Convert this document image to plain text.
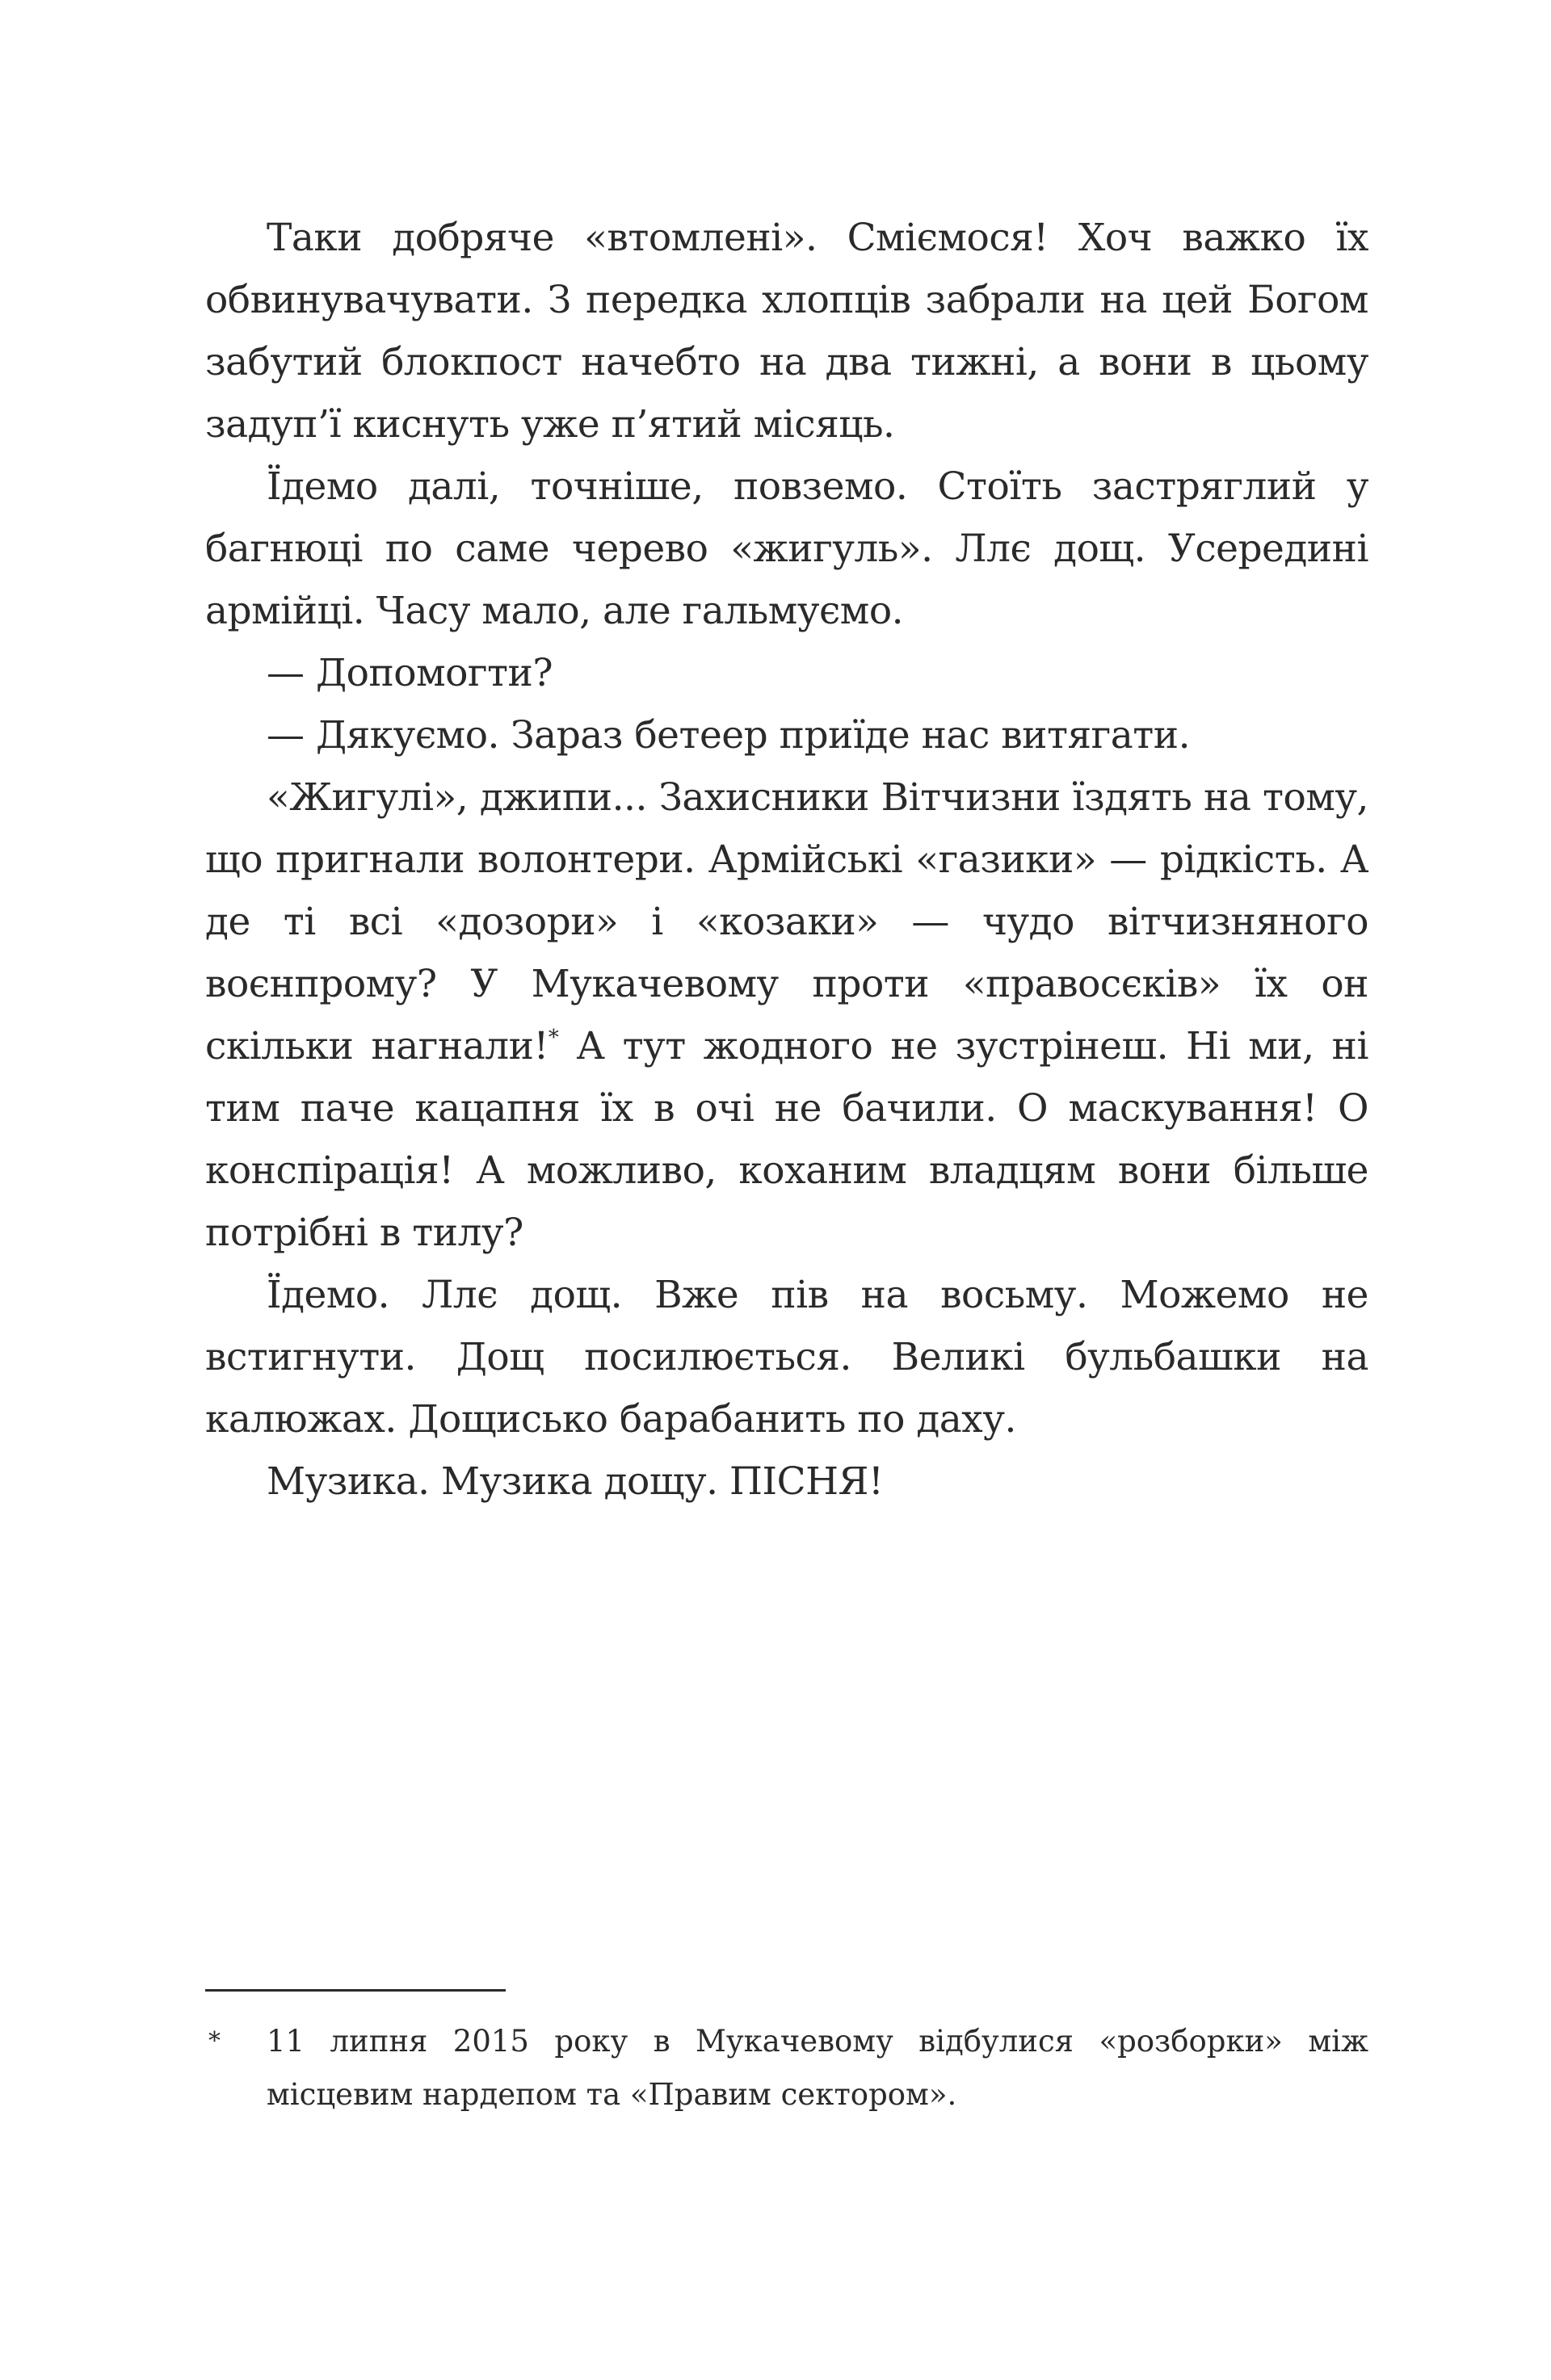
Таки добряче «втомлені». Сміємося! Хоч важко їх обвинувачувати. З передка хлопців забрали на цей Богом забутий блокпост начебто на два тижні, а вони в цьому задуп’ї киснуть уже п’ятий місяць.

Їдемо далі, точніше, повземо. Стоїть застряглий у багнюці по саме черево «жигуль». Ллє дощ. Усередині армійці. Часу мало, але гальмуємо.

— Допомогти?

— Дякуємо. Зараз бетеер приїде нас витягати.

«Жигулі», джипи... Захисники Вітчизни їздять на тому, що пригнали волонтери. Армійські «газики» — рідкість. А де ті всі «дозори» і «козаки» — чудо вітчизняного воєнпрому? У Мукачевому проти «правосєків» їх он скільки нагнали!* А тут жодного не зустрінеш. Ні ми, ні тим паче кацапня їх в очі не бачили. О маскування! О конспірація! А можливо, коханим владцям вони більше потрібні в тилу?

Їдемо. Ллє дощ. Вже пів на восьму. Можемо не встигнути. Дощ посилюється. Великі бульбашки на калюжах. Дощисько барабанить по даху.

Музика. Музика дощу. ПІСНЯ!

* 11 липня 2015 року в Мукачевому відбулися «розборки» між місцевим нардепом та «Правим сектором».
